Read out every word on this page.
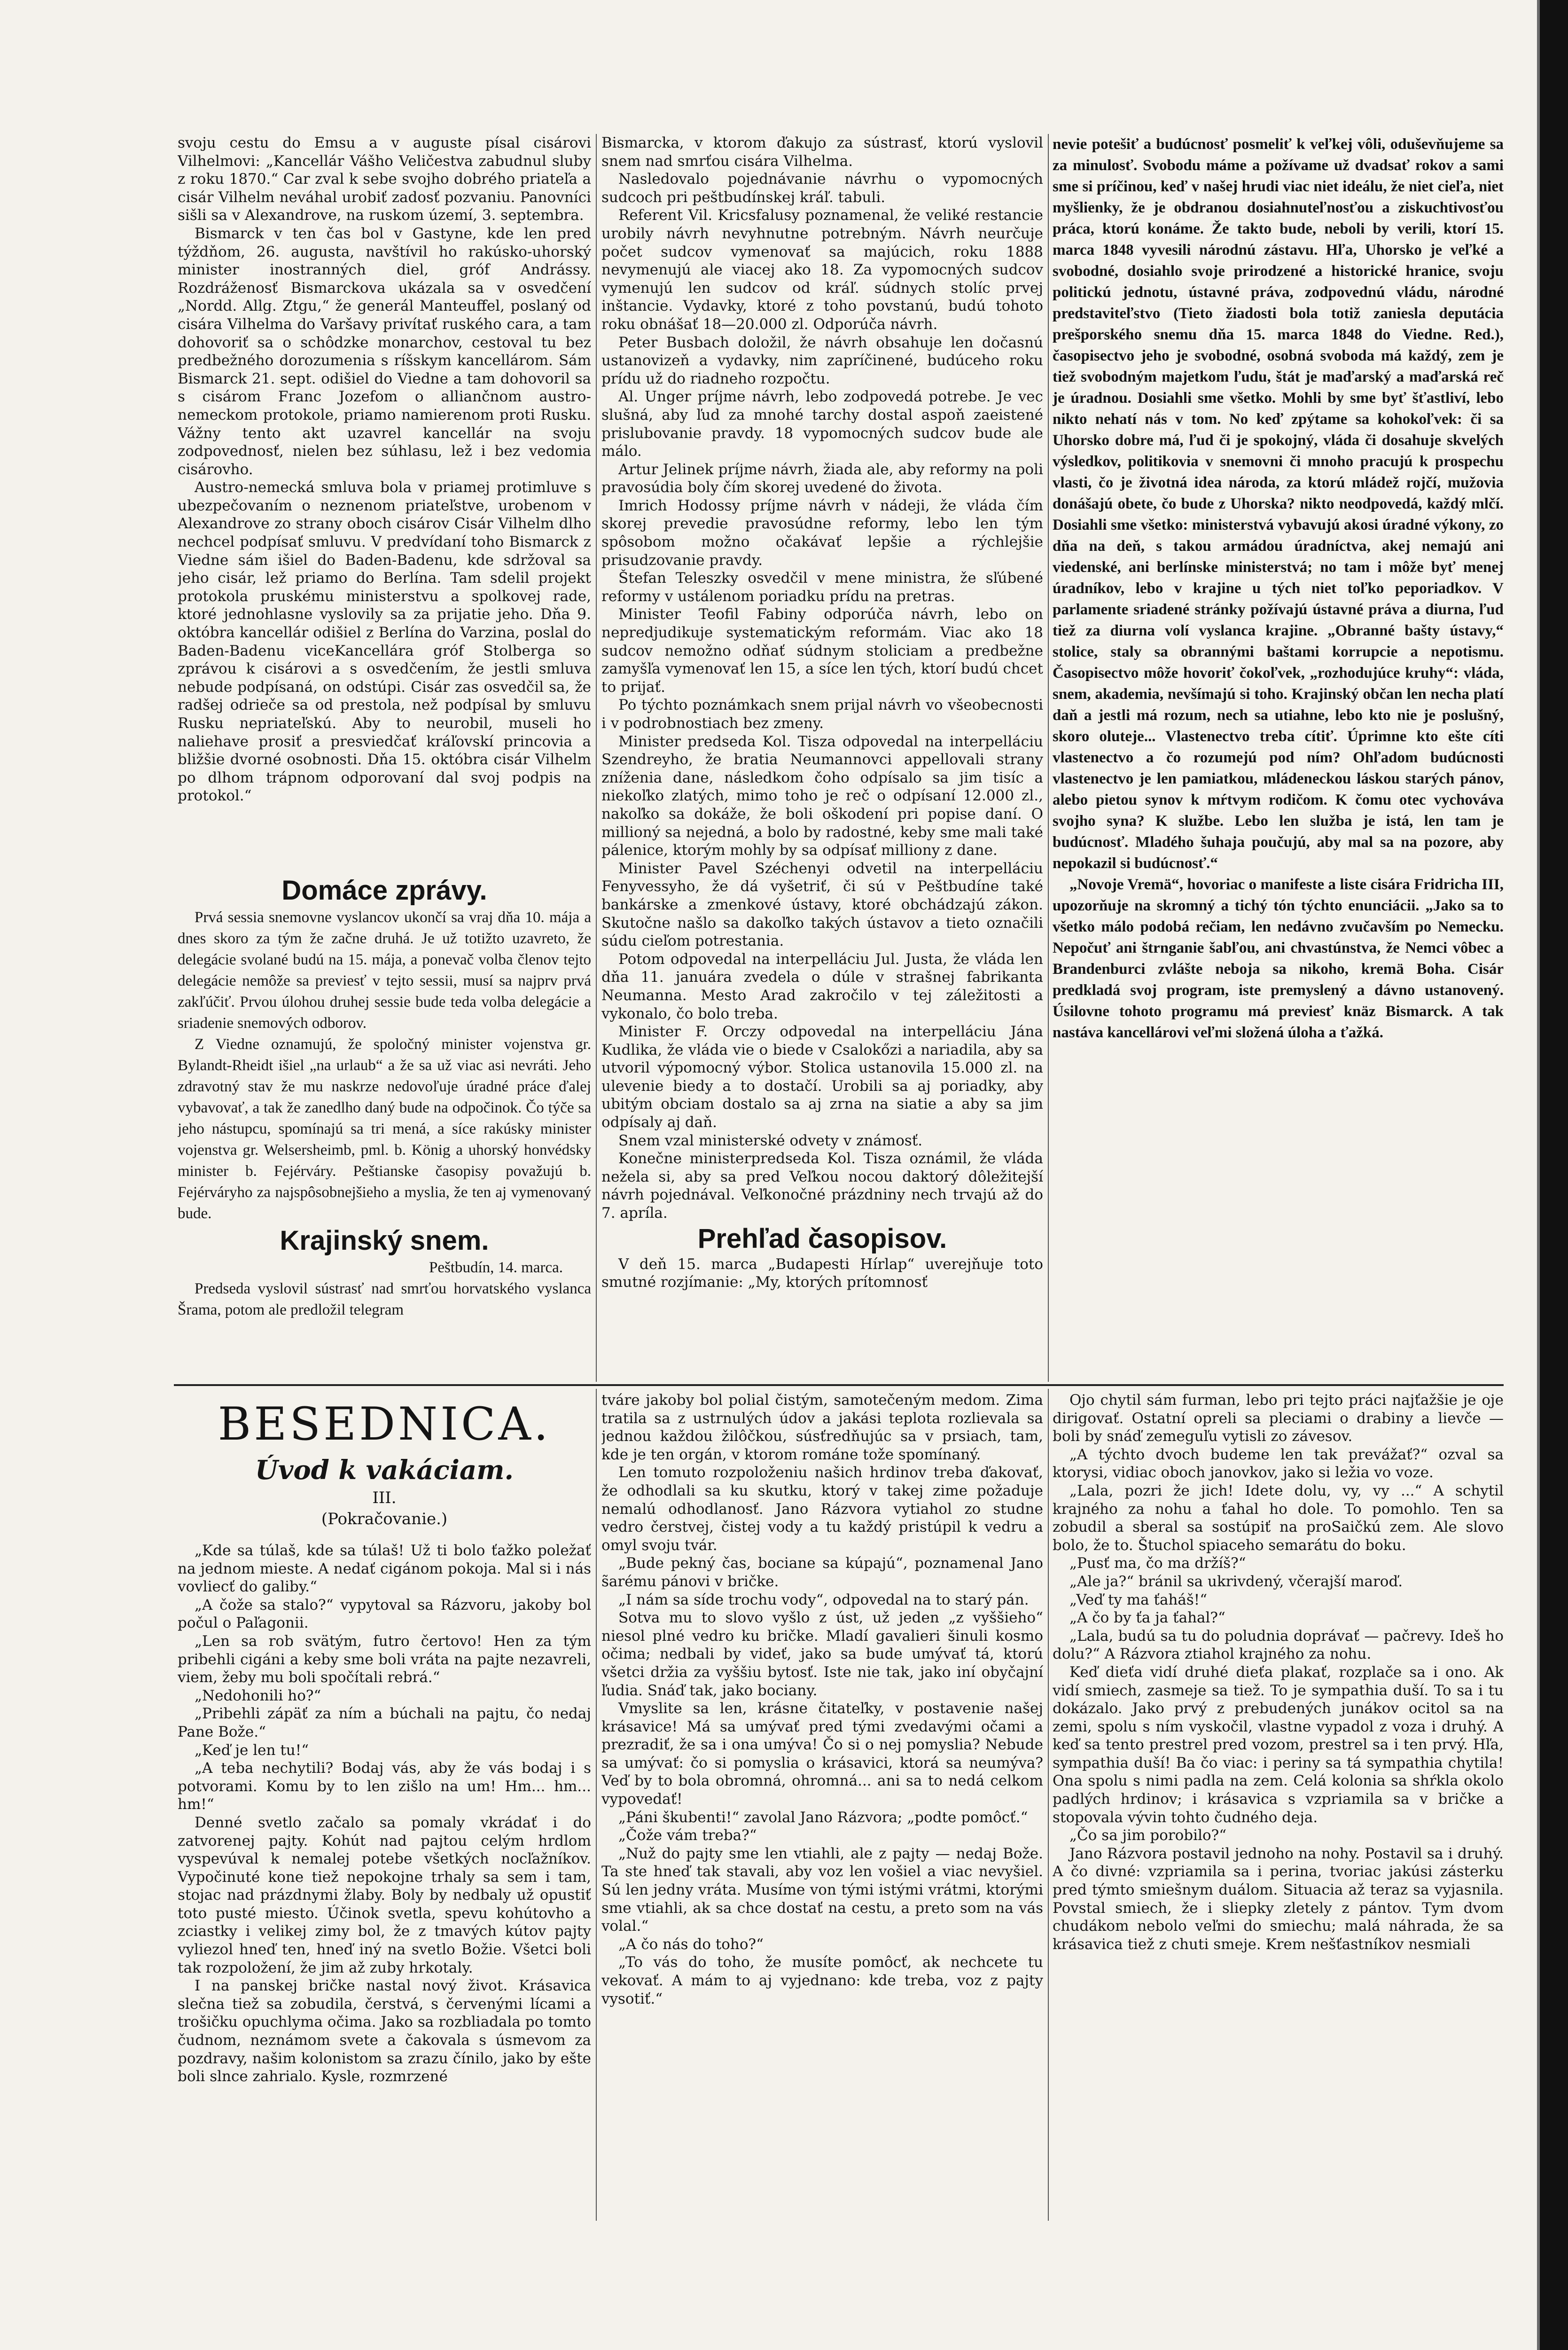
svoju cestu do Emsu a v auguste písal cisárovi Vilhelmovi: „Kancellár Vášho Veličestva zabudnul sluby z roku 1870.“ Car zval k sebe svojho dobrého priateľa a cisár Vilhelm neváhal urobiť zadosť pozvaniu. Panovníci sišli sa v Alexandrove, na ruskom území, 3. septembra.

Bismarck v ten čas bol v Gastyne, kde len pred týždňom, 26. augusta, navštívil ho rakúsko-uhorský minister inostranných diel, gróf Andrássy. Rozdráženosť Bismarckova ukázala sa v osvedčení „Nordd. Allg. Ztgu,“ že generál Manteuffel, poslaný od cisára Vilhelma do Varšavy privítať ruského cara, a tam dohovoriť sa o schôdzke monarchov, cestoval tu bez predbežného dorozumenia s ríšskym kancellárom. Sám Bismarck 21. sept. odišiel do Viedne a tam dohovoril sa s cisárom Franc Jozefom o alliančnom austro-nemeckom protokole, priamo namierenom proti Rusku. Vážny tento akt uzavrel kancellár na svoju zodpovednosť, nielen bez súhlasu, lež i bez vedomia cisárovho.

Austro-nemecká smluva bola v priamej protimluve s ubezpečovaním o neznenom priateľstve, urobenom v Alexandrove zo strany oboch cisárov Cisár Vilhelm dlho nechcel podpísať smluvu. V predvídaní toho Bismarck z Viedne sám išiel do Baden-Badenu, kde sdržoval sa jeho cisár, lež priamo do Berlína. Tam sdelil projekt protokola pruskému ministerstvu a spolkovej rade, ktoré jednohlasne vyslovily sa za prijatie jeho. Dňa 9. októbra kancellár odišiel z Berlína do Varzina, poslal do Baden-Badenu viceKancellára gróf Stolberga so zprávou k cisárovi a s osvedčením, že jestli smluva nebude podpísaná, on odstúpi. Cisár zas osvedčil sa, že radšej odrieče sa od prestola, než podpísal by smluvu Rusku nepriateľskú. Aby to neurobil, museli ho naliehave prosiť a presviedčať kráľovskí princovia a bližšie dvorné osobnosti. Dňa 15. októbra cisár Vilhelm po dlhom trápnom odporovaní dal svoj podpis na protokol.“

Domáce zprávy.

Prvá sessia snemovne vyslancov ukončí sa vraj dňa 10. mája a dnes skoro za tým že začne druhá. Je už totižto uzavreto, že delegácie svolané budú na 15. mája, a ponevač volba členov tejto delegácie nemôže sa previesť v tejto sessii, musí sa najprv prvá zakľúčiť. Prvou úlohou druhej sessie bude teda volba delegácie a sriadenie snemových odborov.

Z Viedne oznamujú, že spoločný minister vojenstva gr. Bylandt-Rheidt išiel „na urlaub“ a že sa už viac asi nevráti. Jeho zdravotný stav že mu naskrze nedovoľuje úradné práce ďalej vybavovať, a tak že zanedlho daný bude na odpočinok. Čo týče sa jeho nástupcu, spomínajú sa tri mená, a síce rakúsky minister vojenstva gr. Welsersheimb, pml. b. König a uhorský honvédsky minister b. Fejérváry. Peštianske časopisy považujú b. Fejérváryho za najspôsobnejšieho a myslia, že ten aj vymenovaný bude.

Krajinský snem.

Peštbudín, 14. marca.

Predseda vyslovil sústrasť nad smrťou horvatského vyslanca Šrama, potom ale predložil telegram

Bismarcka, v ktorom ďakujo za sústrasť, ktorú vyslovil snem nad smrťou cisára Vilhelma.

Nasledovalo pojednávanie návrhu o vypomocných sudcoch pri peštbudínskej kráľ. tabuli.

Referent Vil. Kricsfalusy poznamenal, že veliké restancie urobily návrh nevyhnutne potrebným. Návrh neurčuje počet sudcov vymenovať sa majúcich, roku 1888 nevymenujú ale viacej ako 18. Za vypomocných sudcov vymenujú len sudcov od kráľ. súdnych stolíc prvej inštancie. Vydavky, ktoré z toho povstanú, budú tohoto roku obnášať 18—20.000 zl. Odporúča návrh.

Peter Busbach doložil, že návrh obsahuje len dočasnú ustanovizeň a vydavky, nim zapríčinené, budúceho roku prídu už do riadneho rozpočtu.

Al. Unger príjme návrh, lebo zodpovedá potrebe. Je vec slušná, aby ľud za mnohé tarchy dostal aspoň zaeistené prislubovanie pravdy. 18 vypomocných sudcov bude ale málo.

Artur Jelinek príjme návrh, žiada ale, aby reformy na poli pravosúdia boly čím skorej uvedené do života.

Imrich Hodossy príjme návrh v nádeji, že vláda čím skorej prevedie pravosúdne reformy, lebo len tým spôsobom možno očakávať lepšie a rýchlejšie prisudzovanie pravdy.

Štefan Teleszky osvedčil v mene ministra, že sľúbené reformy v ustálenom poriadku prídu na pretras.

Minister Teofil Fabiny odporúča návrh, lebo on nepredjudikuje systematickým reformám. Viac ako 18 sudcov nemožno odňať súdnym stoliciam a predbežne zamyšľa vymenovať len 15, a síce len tých, ktorí budú chcet to prijať.

Po týchto poznámkach snem prijal návrh vo všeobecnosti i v podrobnostiach bez zmeny.

Minister predseda Kol. Tisza odpovedal na interpelláciu Szendreyho, že bratia Neumannovci appellovali strany zníženia dane, následkom čoho odpísalo sa jim tisíc a niekoľko zlatých, mimo toho je reč o odpísaní 12.000 zl., nakoľko sa dokáže, že boli oškodení pri popise daní. O millioný sa nejedná, a bolo by radostné, keby sme mali také pálenice, ktorým mohly by sa odpísať milliony z dane.

Minister Pavel Széchenyi odvetil na interpelláciu Fenyvessyho, že dá vyšetriť, či sú v Peštbudíne také bankárske a zmenkové ústavy, ktoré obchádzajú zákon. Skutočne našlo sa dakoľko takých ústavov a tieto označili súdu cieľom potrestania.

Potom odpovedal na interpelláciu Jul. Justa, že vláda len dňa 11. januára zvedela o dúle v strašnej fabrikanta Neumanna. Mesto Arad zakročilo v tej záležitosti a vykonalo, čo bolo treba.

Minister F. Orczy odpovedal na interpelláciu Jána Kudlika, že vláda vie o biede v Csalokőzi a nariadila, aby sa utvoril výpomocný výbor. Stolica ustanovila 15.000 zl. na ulevenie biedy a to dostačí. Urobili sa aj poriadky, aby ubitým obciam dostalo sa aj zrna na siatie a aby sa jim odpísaly aj daň.

Snem vzal ministerské odvety v známosť.

Konečne ministerpredseda Kol. Tisza oznámil, že vláda nežela si, aby sa pred Veľkou nocou daktorý dôležitejší návrh pojednával. Veľkonočné prázdniny nech trvajú až do 7. apríla.

Prehľad časopisov.

V deň 15. marca „Budapesti Hírlap“ uverejňuje toto smutné rozjímanie: „My, ktorých prítomnosť

nevie potešiť a budúcnosť posmeliť k veľkej vôli, oduševňujeme sa za minulosť. Svobodu máme a požívame už dvadsať rokov a sami sme si príčinou, keď v našej hrudi viac niet ideálu, že niet cieľa, niet myšlienky, že je obdranou dosiahnuteľnosťou a ziskuchtivosťou práca, ktorú konáme. Že takto bude, neboli by verili, ktorí 15. marca 1848 vyvesili národnú zástavu. Hľa, Uhorsko je veľké a svobodné, dosiahlo svoje prirodzené a historické hranice, svoju politickú jednotu, ústavné práva, zodpovednú vládu, národné predstaviteľstvo (Tieto žiadosti bola totiž zaniesla deputácia prešporského snemu dňa 15. marca 1848 do Viedne. Red.), časopisectvo jeho je svobodné, osobná svoboda má každý, zem je tiež svobodným majetkom ľudu, štát je maďarský a maďarská reč je úradnou. Dosiahli sme všetko. Mohli by sme byť šťastliví, lebo nikto nehatí nás v tom. No keď zpýtame sa kohokoľvek: či sa Uhorsko dobre má, ľud či je spokojný, vláda či dosahuje skvelých výsledkov, politikovia v snemovni či mnoho pracujú k prospechu vlasti, čo je životná idea národa, za ktorú mládež rojčí, mužovia donášajú obete, čo bude z Uhorska? nikto neodpovedá, každý mlčí. Dosiahli sme všetko: ministerstvá vybavujú akosi úradné výkony, zo dňa na deň, s takou armádou úradníctva, akej nemajú ani viedenské, ani berlínske ministerstvá; no tam i môže byť menej úradníkov, lebo v krajine u tých niet toľko peporiadkov. V parlamente sriadené stránky požívajú ústavné práva a diurna, ľud tiež za diurna volí vyslanca krajine. „Obranné bašty ústavy,“ stolice, staly sa obrannými baštami korrupcie a nepotismu. Časopisectvo môže hovoriť čokoľvek, „rozhodujúce kruhy“: vláda, snem, akademia, nevšímajú si toho. Krajinský občan len necha platí daň a jestli má rozum, nech sa utiahne, lebo kto nie je poslušný, skoro oluteje... Vlastenectvo treba cítiť. Úprimne kto ešte cíti vlastenectvo a čo rozumejú pod ním? Ohľadom budúcnosti vlastenectvo je len pamiatkou, mládeneckou láskou starých pánov, alebo pietou synov k mŕtvym rodičom. K čomu otec vychováva svojho syna? K službe. Lebo len služba je istá, len tam je budúcnosť. Mladého šuhaja poučujú, aby mal sa na pozore, aby nepokazil si budúcnosť.“

„Novoje Vremä“, hovoriac o manifeste a liste cisára Fridricha III, upozorňuje na skromný a tichý tón týchto enunciácii. „Jako sa to všetko málo podobá rečiam, len nedávno zvučavším po Nemecku. Nepočuť ani štrnganie šabľou, ani chvastúnstva, že Nemci vôbec a Brandenburci zvlášte neboja sa nikoho, kremä Boha. Cisár predkladá svoj program, iste premyslený a dávno ustanovený. Úsilovne tohoto programu má previesť knäz Bismarck. A tak nastáva kancellárovi veľmi složená úloha a ťažká.

BESEDNICA.
Úvod k vakáciam.
III.
(Pokračovanie.)

„Kde sa túlaš, kde sa túlaš! Už ti bolo ťažko poležať na jednom mieste. A nedať cigánom pokoja. Mal si i nás vovliecť do galiby.“

„A čože sa stalo?“ vypytoval sa Rázvoru, jakoby bol počul o Paľagonii.

„Len sa rob svätým, futro čertovo! Hen za tým pribehli cigáni a keby sme boli vráta na pajte nezavreli, viem, žeby mu boli spočítali rebrá.“

„Nedohonili ho?“

„Pribehli zápäť za ním a búchali na pajtu, čo nedaj Pane Bože.“

„Keď je len tu!“

„A teba nechytili? Bodaj vás, aby že vás bodaj i s potvorami. Komu by to len zišlo na um! Hm... hm... hm!“

Denné svetlo začalo sa pomaly vkrádať i do zatvorenej pajty. Kohút nad pajtou celým hrdlom vyspevúval k nemalej potebe všetkých nocľažníkov. Vypočinuté kone tiež nepokojne trhaly sa sem i tam, stojac nad prázdnymi žlaby. Boly by nedbaly už opustiť toto pusté miesto. Účinok svetla, spevu kohútovho a zciastky i velikej zimy bol, že z tmavých kútov pajty vyliezol hneď ten, hneď iný na svetlo Božie. Všetci boli tak rozpoložení, že jim až zuby hrkotaly.

I na panskej bričke nastal nový život. Krásavica slečna tiež sa zobudila, čerstvá, s červenými lícami a trošičku opuchlyma očima. Jako sa rozbliadala po tomto čudnom, neznámom svete a čakovala s úsmevom za pozdravy, našim kolonistom sa zrazu čínilo, jako by ešte boli slnce zahrialo. Kysle, rozmrzené

tváre jakoby bol polial čistým, samotečeným medom. Zima tratila sa z ustrnulých údov a jakási teplota rozlievala sa jednou každou žilôčkou, súsťredňujúc sa v prsiach, tam, kde je ten orgán, v ktorom románe tože spomínaný.

Len tomuto rozpoloženiu našich hrdinov treba ďakovať, že odhodlali sa ku skutku, ktorý v takej zime požaduje nemalú odhodlanosť. Jano Rázvora vytiahol zo studne vedro čerstvej, čistej vody a tu každý pristúpil k vedru a omyl svoju tvár.

„Bude pekný čas, bociane sa kúpajú“, poznamenal Jano s̃arému pánovi v bričke.

„I nám sa síde trochu vody“, odpovedal na to starý pán.

Sotva mu to slovo vyšlo z úst, už jeden „z vyššieho“ niesol plné vedro ku bričke. Mladí gavalieri šinuli kosmo očima; nedbali by videť, jako sa bude umývať tá, ktorú všetci držia za vyššiu bytosť. Iste nie tak, jako iní obyčajní ľudia. Snáď tak, jako bociany.

Vmyslite sa len, krásne čitateľky, v postavenie našej krásavice! Má sa umývať pred tými zvedavými očami a prezradiť, že sa i ona umýva! Čo si o nej pomyslia? Nebude sa umývať: čo si pomyslia o krásavici, ktorá sa neumýva? Veď by to bola obromná, ohromná... ani sa to nedá celkom vypovedať!

„Páni škubenti!“ zavolal Jano Rázvora; „podte pomôcť.“

„Čože vám treba?“

„Nuž do pajty sme len vtiahli, ale z pajty — nedaj Bože. Ta ste hneď tak stavali, aby voz len vošiel a viac nevyšiel. Sú len jedny vráta. Musíme von tými istými vrátmi, ktorými sme vtiahli, ak sa chce dostať na cestu, a preto som na vás volal.“

„A čo nás do toho?“

„To vás do toho, že musíte pomôcť, ak nechcete tu vekovať. A mám to aj vyjednano: kde treba, voz z pajty vysotiť.“

Ojo chytil sám furman, lebo pri tejto práci najťažšie je oje dirigovať. Ostatní opreli sa pleciami o drabiny a lievče — boli by snáď zemeguľu vytisli zo závesov.

„A týchto dvoch budeme len tak prevážať?“ ozval sa ktorysi, vidiac oboch janovkov, jako si ležia vo voze.

„Lala, pozri že jich! Idete dolu, vy, vy ...“ A schytil krajného za nohu a ťahal ho dole. To pomohlo. Ten sa zobudil a sberal sa sostúpiť na proSaičkú zem. Ale slovo bolo, že to. Štuchol spiaceho semarátu do boku.

„Pusť ma, čo ma držíš?“

„Ale ja?“ bránil sa ukrivdený, včerajší maroď.

„Veď ty ma ťaháš!“

„A čo by ťa ja ťahal?“

„Lala, budú sa tu do poludnia doprávať — pačrevy. Ideš ho dolu?“ A Rázvora ztiahol krajného za nohu.

Keď dieťa vidí druhé dieťa plakať, rozplače sa i ono. Ak vidí smiech, zasmeje sa tiež. To je sympathia duší. To sa i tu dokázalo. Jako prvý z prebudených junákov ocitol sa na zemi, spolu s ním vyskočil, vlastne vypadol z voza i druhý. A keď sa tento prestrel pred vozom, prestrel sa i ten prvý. Hľa, sympathia duší! Ba čo viac: i periny sa tá sympathia chytila! Ona spolu s nimi padla na zem. Celá kolonia sa shŕkla okolo padlých hrdinov; i krásavica s vzpriamila sa v bričke a stopovala vývin tohto čudného deja.

„Čo sa jim porobilo?“

Jano Rázvora postavil jednoho na nohy. Postavil sa i druhý. A čo divné: vzpriamila sa i perina, tvoriac jakúsi zásterku pred týmto smiešnym duálom. Situacia až teraz sa vyjasnila. Povstal smiech, že i sliepky zletely z pántov. Tym dvom chudákom nebolo veľmi do smiechu; malá náhrada, že sa krásavica tiež z chuti smeje. Krem nešťastníkov nesmiali
